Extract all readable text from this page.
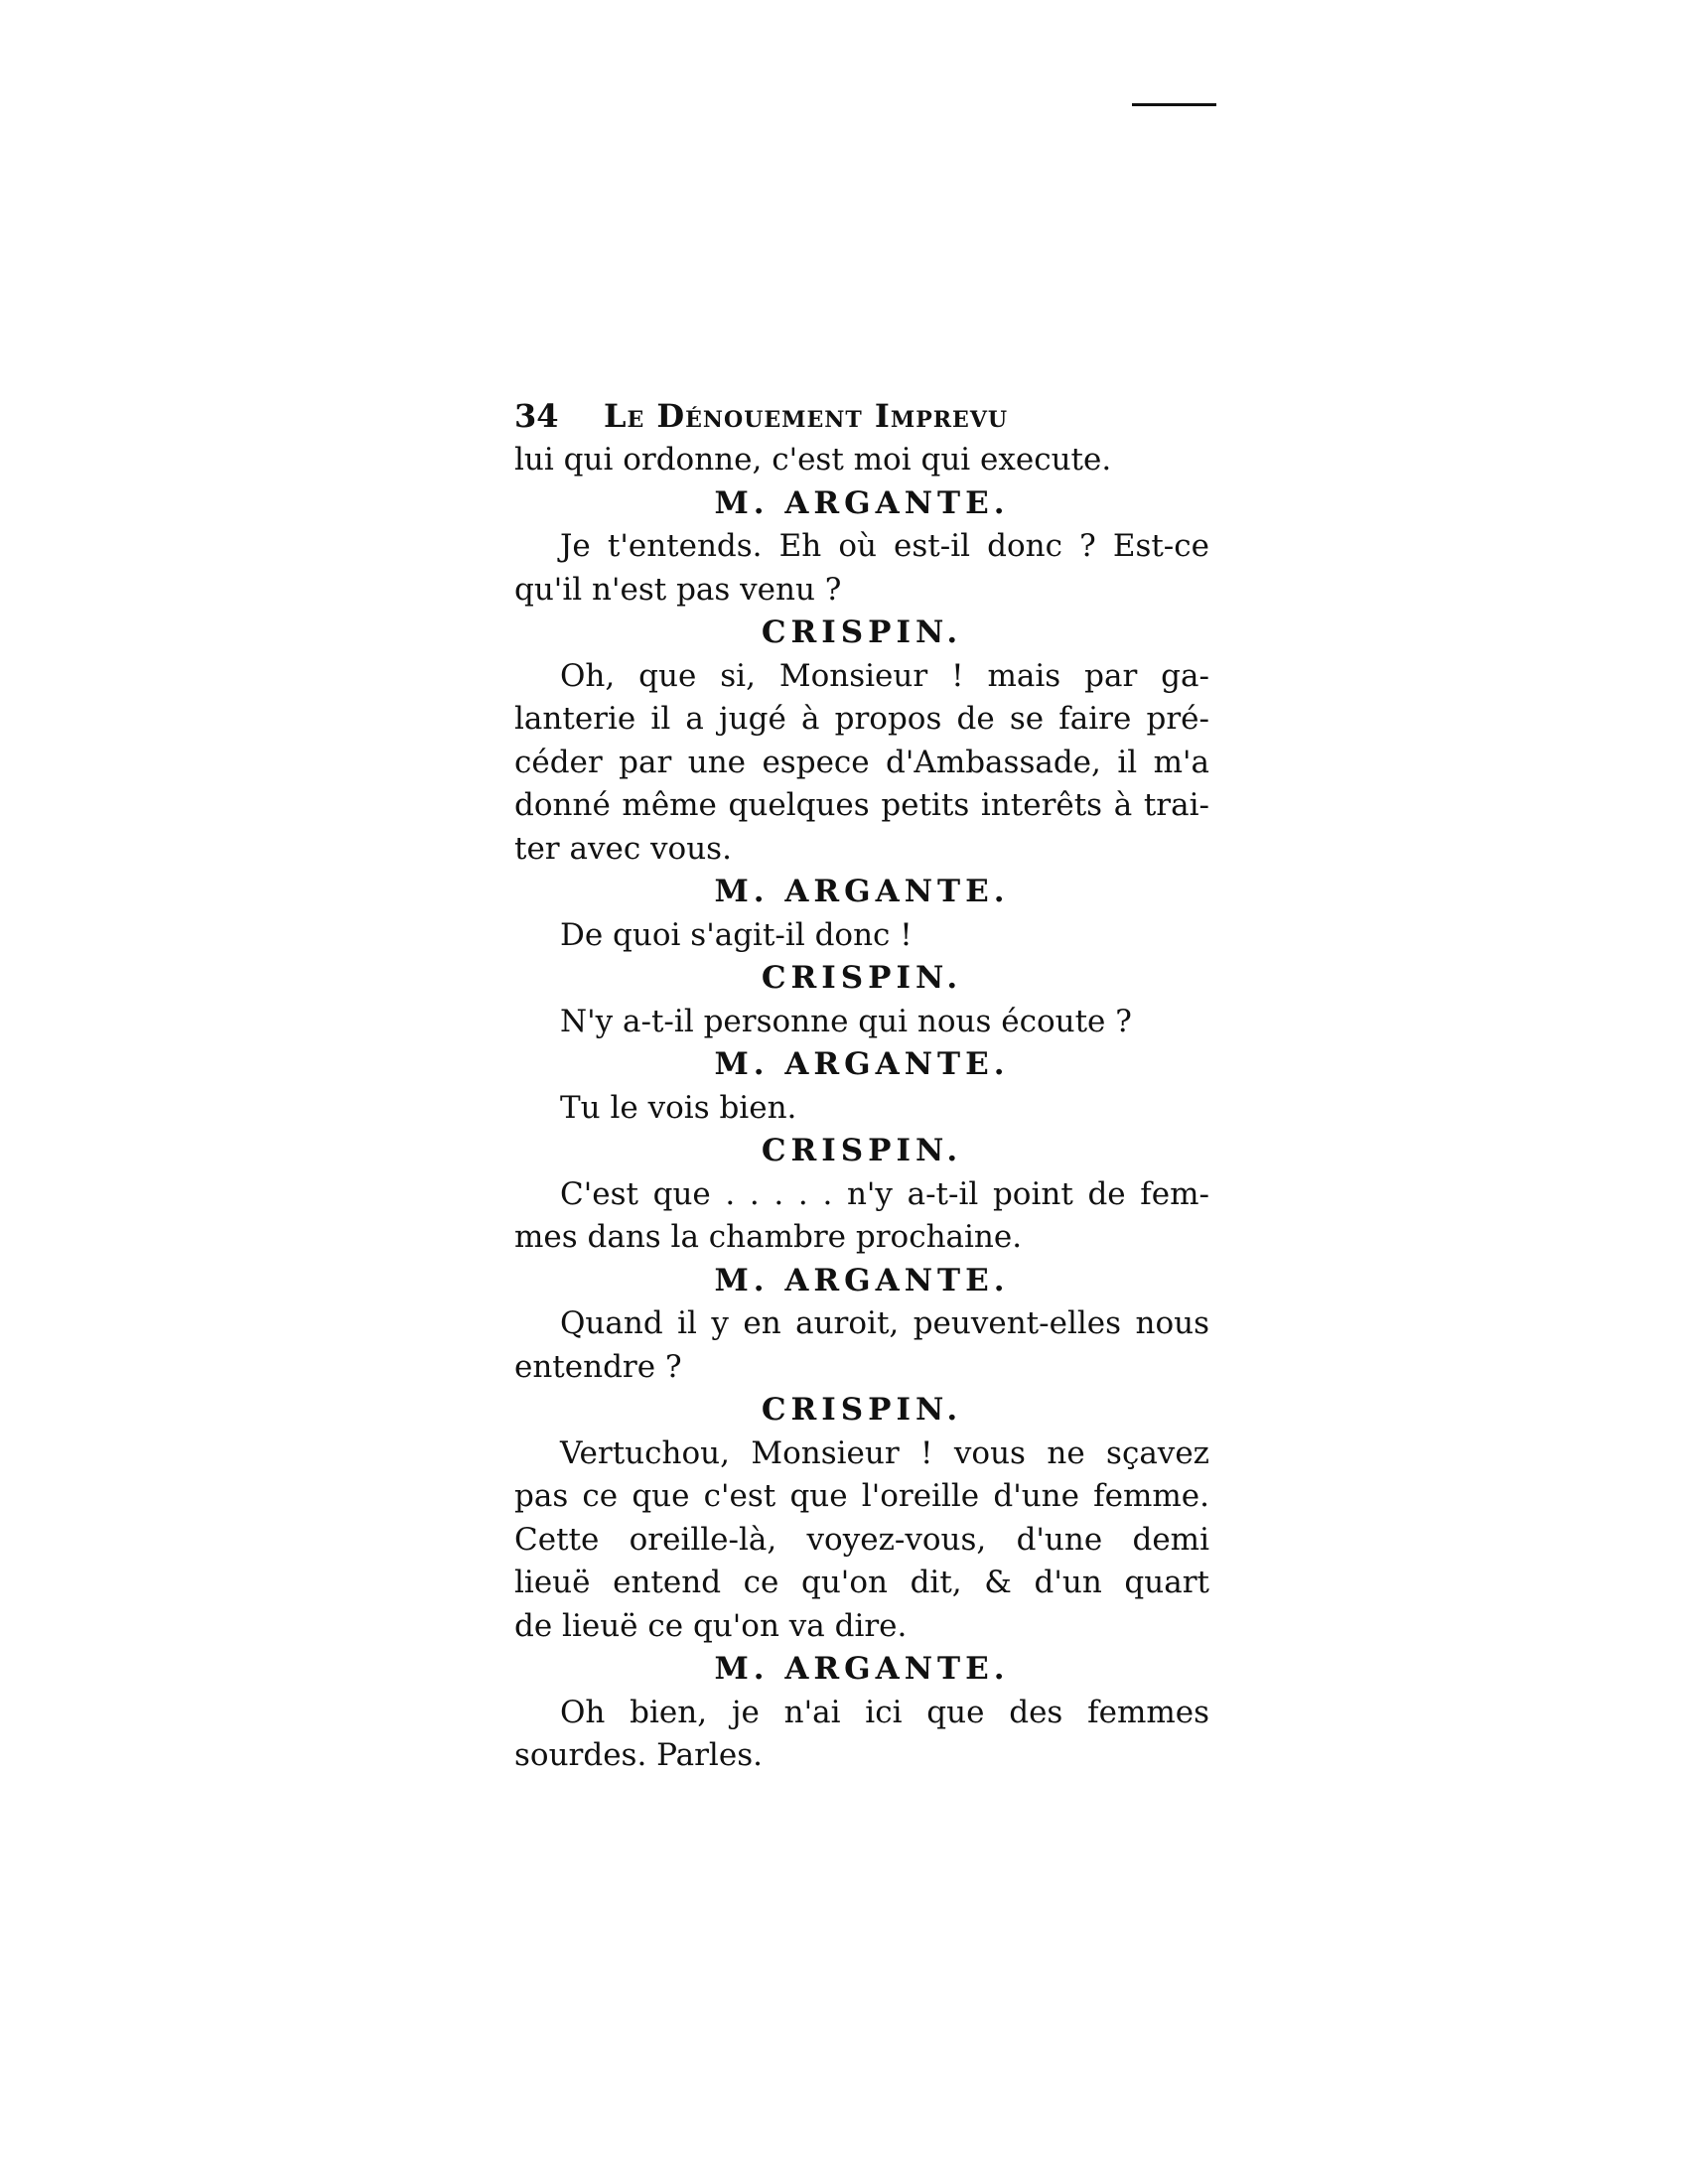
34	Le Dénouement Imprevu
lui qui ordonne, c'est moi qui execute.
M. ARGANTE.
Je t'entends. Eh où est-il donc ? Est-ce
qu'il n'est pas venu ?
CRISPIN.
Oh, que si, Monsieur ! mais par ga-
lanterie il a jugé à propos de se faire pré-
céder par une espece d'Ambassade, il m'a
donné même quelques petits interêts à trai-
ter avec vous.
M. ARGANTE.
De quoi s'agit-il donc !
CRISPIN.
N'y a-t-il personne qui nous écoute ?
M. ARGANTE.
Tu le vois bien.
CRISPIN.
C'est que . . . . . n'y a-t-il point de fem-
mes dans la chambre prochaine.
M. ARGANTE.
Quand il y en auroit, peuvent-elles nous
entendre ?
CRISPIN.
Vertuchou, Monsieur ! vous ne sçavez
pas ce que c'est que l'oreille d'une femme.
Cette oreille-là, voyez-vous, d'une demi
lieuë entend ce qu'on dit, & d'un quart
de lieuë ce qu'on va dire.
M. ARGANTE.
Oh bien, je n'ai ici que des femmes
sourdes. Parles.
